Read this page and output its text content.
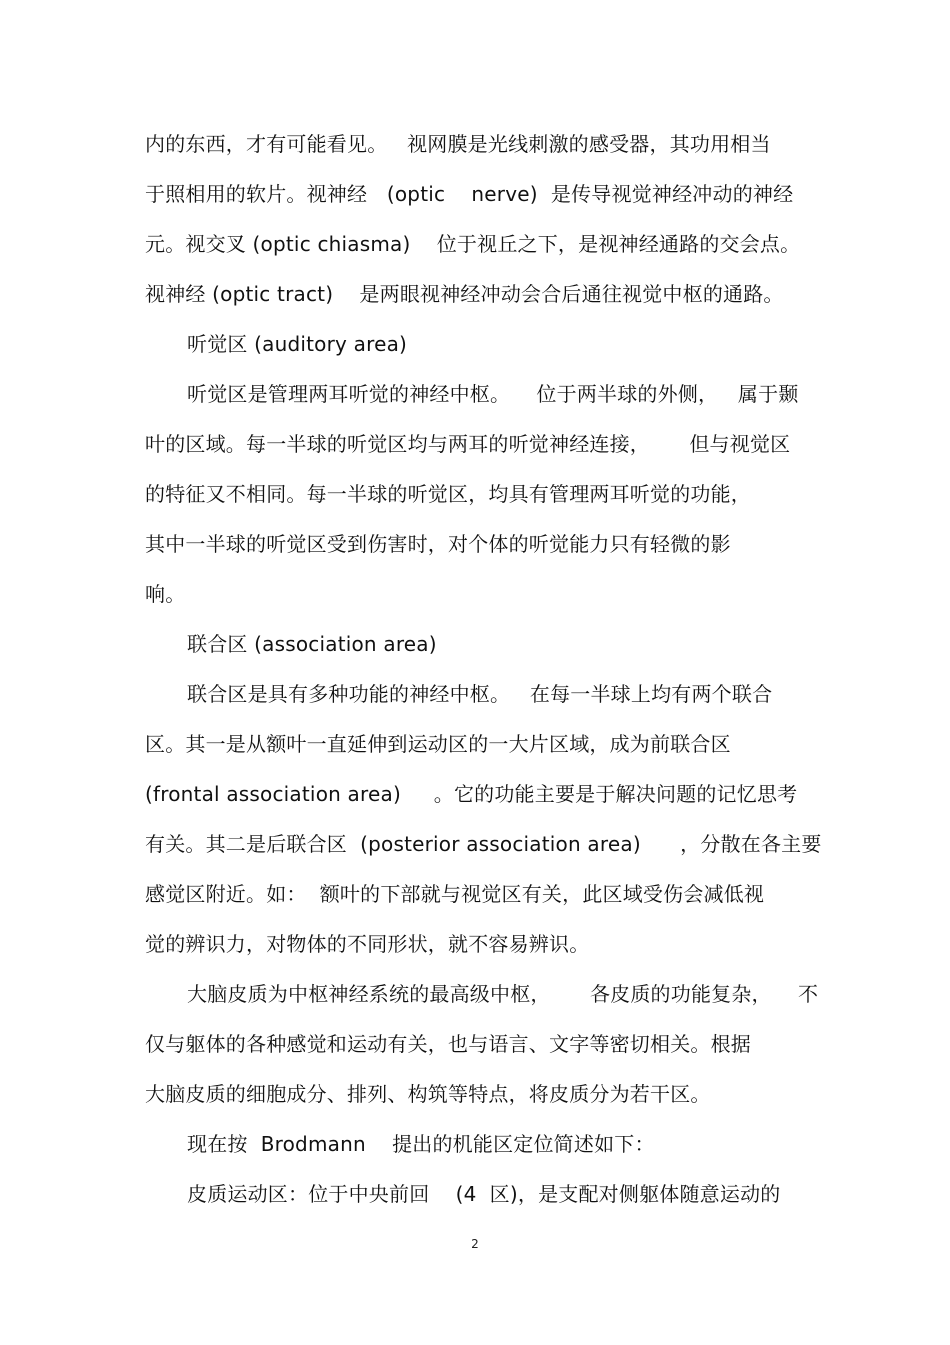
内的东西，才有可能看见。   视网膜是光线刺激的感受器，其功用相当
于照相用的软片。视神经   (optic    nerve)  是传导视觉神经冲动的神经
元。视交叉 (optic chiasma)    位于视丘之下，是视神经通路的交会点。
视神经 (optic tract)    是两眼视神经冲动会合后通往视觉中枢的通路。
听觉区 (auditory area)
听觉区是管理两耳听觉的神经中枢。    位于两半球的外侧，   属于颞
叶的区域。每一半球的听觉区均与两耳的听觉神经连接，      但与视觉区
的特征又不相同。每一半球的听觉区，均具有管理两耳听觉的功能，
其中一半球的听觉区受到伤害时，对个体的听觉能力只有轻微的影
响。
联合区 (association area)
联合区是具有多种功能的神经中枢。   在每一半球上均有两个联合
区。其一是从额叶一直延伸到运动区的一大片区域，成为前联合区
(frontal association area)     。它的功能主要是于解决问题的记忆思考
有关。其二是后联合区  (posterior association area)      ，分散在各主要
感觉区附近。如：  额叶的下部就与视觉区有关，此区域受伤会减低视
觉的辨识力，对物体的不同形状，就不容易辨识。
大脑皮质为中枢神经系统的最高级中枢，      各皮质的功能复杂，    不
仅与躯体的各种感觉和运动有关，也与语言、文字等密切相关。根据
大脑皮质的细胞成分、排列、构筑等特点，将皮质分为若干区。
现在按  Brodmann    提出的机能区定位简述如下：
皮质运动区：位于中央前回    (4  区)，是支配对侧躯体随意运动的
2
